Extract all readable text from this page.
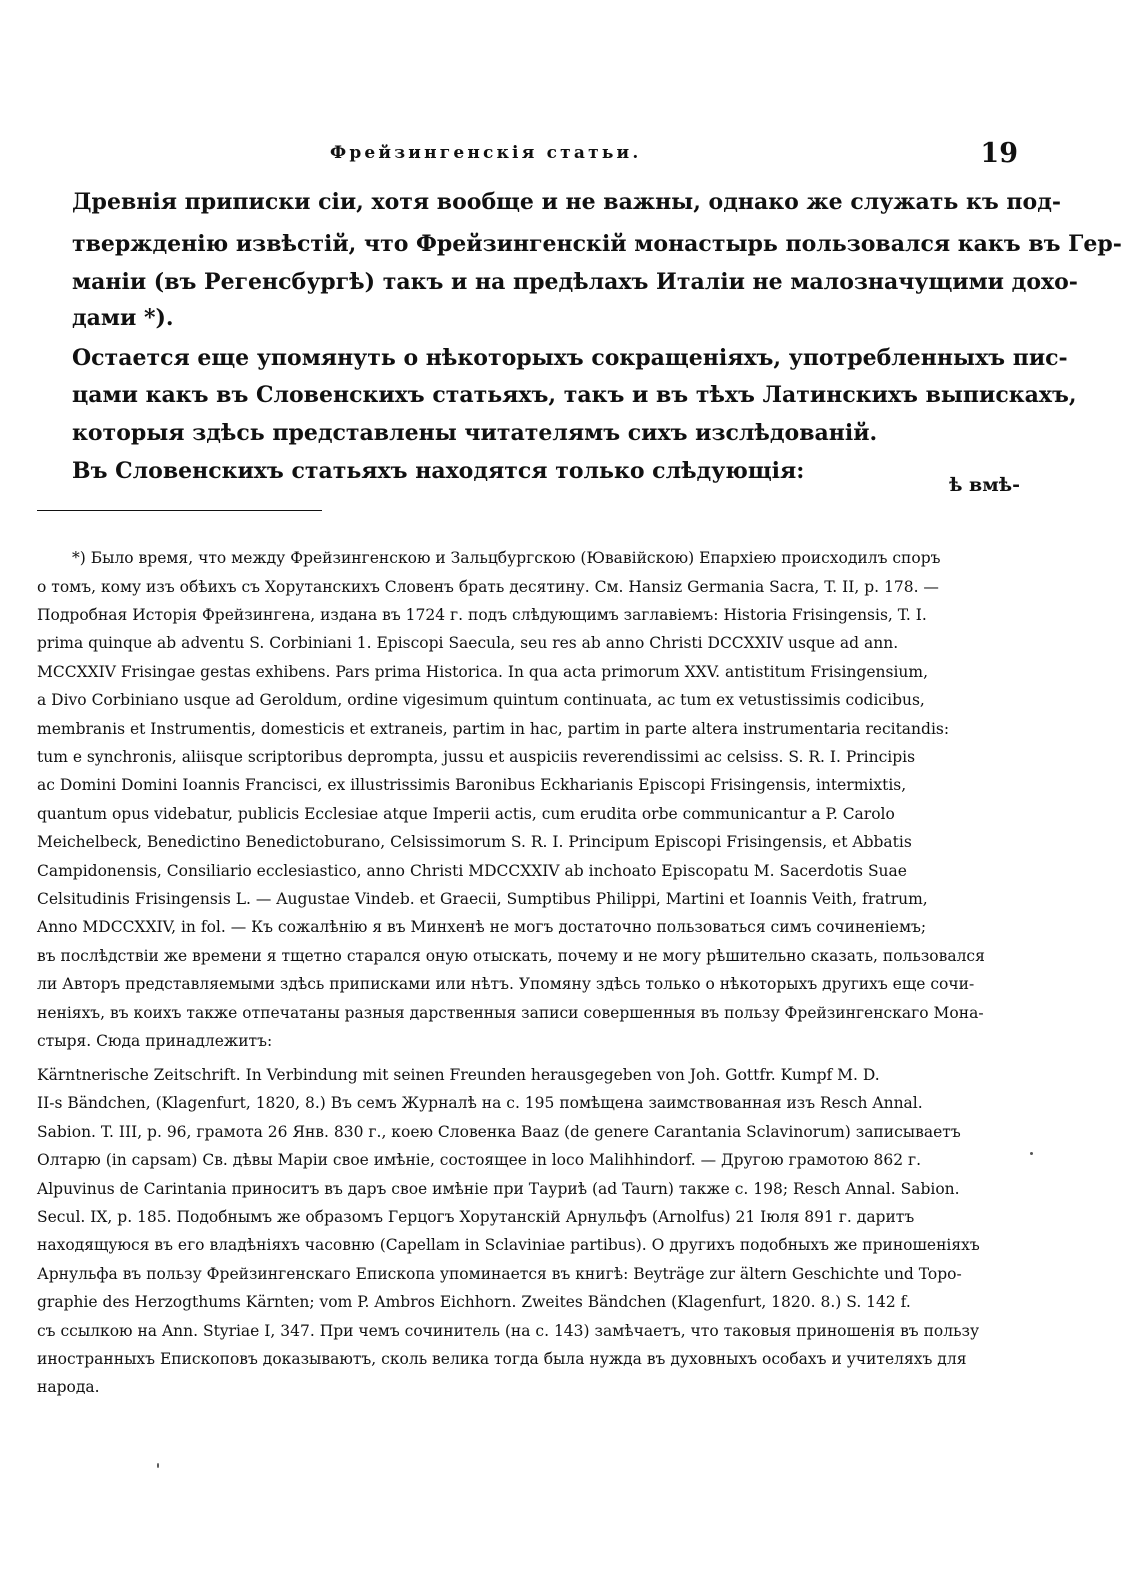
Фрейзингенскія статьи.	19
Древнія приписки сіи, хотя вообще и не важны, однако же служать къ под-
твержденію извѣстій, что Фрейзингенскій монастырь пользовался какъ въ Гер-
маніи (въ Регенсбургѣ) такъ и на предѣлахъ Италіи не малозначущими дохо-
дами *).
Остается еще упомянуть о нѣкоторыхъ сокращеніяхъ, употребленныхъ пис-
цами какъ въ Словенскихъ статьяхъ, такъ и въ тѣхъ Латинскихъ выпискахъ,
которыя здѣсь представлены читателямъ сихъ изслѣдованій.
Въ Словенскихъ статьяхъ находятся только слѣдующія:
ѣ вмѣ-
*) Было время, что между Фрейзингенскою и Зальцбургскою (Ювавійскою) Епархіею происходилъ споръ
о томъ, кому изъ обѣихъ съ Хорутанскихъ Словенъ брать десятину. См. Hansiz Germania Sacra, T. II, p. 178. —
Подробная Исторія Фрейзингена, издана въ 1724 г. подъ слѣдующимъ заглавіемъ: Historia Frisingensis, T. I.
prima quinque ab adventu S. Corbiniani 1. Episcopi Saecula, seu res ab anno Christi DCCXXIV usque ad ann.
MCCXXIV Frisingae gestas exhibens. Pars prima Historica. In qua acta primorum XXV. antistitum Frisingensium,
a Divo Corbiniano usque ad Geroldum, ordine vigesimum quintum continuata, ac tum ex vetustissimis codicibus,
membranis et Instrumentis, domesticis et extraneis, partim in hac, partim in parte altera instrumentaria recitandis:
tum e synchronis, aliisque scriptoribus deprompta, jussu et auspiciis reverendissimi ac celsiss. S. R. I. Principis
ac Domini Domini Ioannis Francisci, ex illustrissimis Baronibus Eckharianis Episcopi Frisingensis, intermixtis,
quantum opus videbatur, publicis Ecclesiae atque Imperii actis, cum erudita orbe communicantur a P. Carolo
Meichelbeck, Benedictino Benedictoburano, Celsissimorum S. R. I. Principum Episcopi Frisingensis, et Abbatis
Campidonensis, Consiliario ecclesiastico, anno Christi MDCCXXIV ab inchoato Episcopatu M. Sacerdotis Suae
Celsitudinis Frisingensis L. — Augustae Vindeb. et Graecii, Sumptibus Philippi, Martini et Ioannis Veith, fratrum,
Anno MDCCXXIV, in fol. — Къ сожалѣнію я въ Минхенѣ не могъ достаточно пользоваться симъ сочиненіемъ;
въ послѣдствіи же времени я тщетно старался оную отыскать, почему и не могу рѣшительно сказать, пользовался
ли Авторъ представляемыми здѣсь приписками или нѣтъ. Упомяну здѣсь только о нѣкоторыхъ другихъ еще сочи-
неніяхъ, въ коихъ также отпечатаны разныя дарственныя записи совершенныя въ пользу Фрейзингенскаго Мона-
стыря. Сюда принадлежитъ:
Kärntnerische Zeitschrift. In Verbindung mit seinen Freunden herausgegeben von Joh. Gottfr. Kumpf M. D.
II-s Bändchen, (Klagenfurt, 1820, 8.) Въ семъ Журналѣ на с. 195 помѣщена заимствованная изъ Resch Annal.
Sabion. T. III, p. 96, грамота 26 Янв. 830 г., коею Словенка Baaz (de genere Carantania Sclavinorum) записываетъ
Олтарю (in capsam) Св. дѣвы Маріи свое имѣніе, состоящее in loco Malihhindorf. — Другою грамотою 862 г.
Alpuvinus de Carintania приноситъ въ даръ свое имѣніе при Тауриѣ (ad Taurn) также с. 198; Resch Annal. Sabion.
Secul. IX, p. 185. Подобнымъ же образомъ Герцогъ Хорутанскій Арнульфъ (Arnolfus) 21 Іюля 891 г. даритъ
находящуюся въ его владѣніяхъ часовню (Capellam in Sclaviniae partibus). О другихъ подобныхъ же приношеніяхъ
Арнульфа въ пользу Фрейзингенскаго Епископа упоминается въ книгѣ: Beyträge zur ältern Geschichte und Topo-
graphie des Herzogthums Kärnten; vom P. Ambros Eichhorn. Zweites Bändchen (Klagenfurt, 1820. 8.) S. 142 f.
съ ссылкою на Ann. Styriae I, 347. При чемъ сочинитель (на с. 143) замѣчаетъ, что таковыя приношенія въ пользу
иностранныхъ Епископовъ доказываютъ, сколь велика тогда была нужда въ духовныхъ особахъ и учителяхъ для
народа.
